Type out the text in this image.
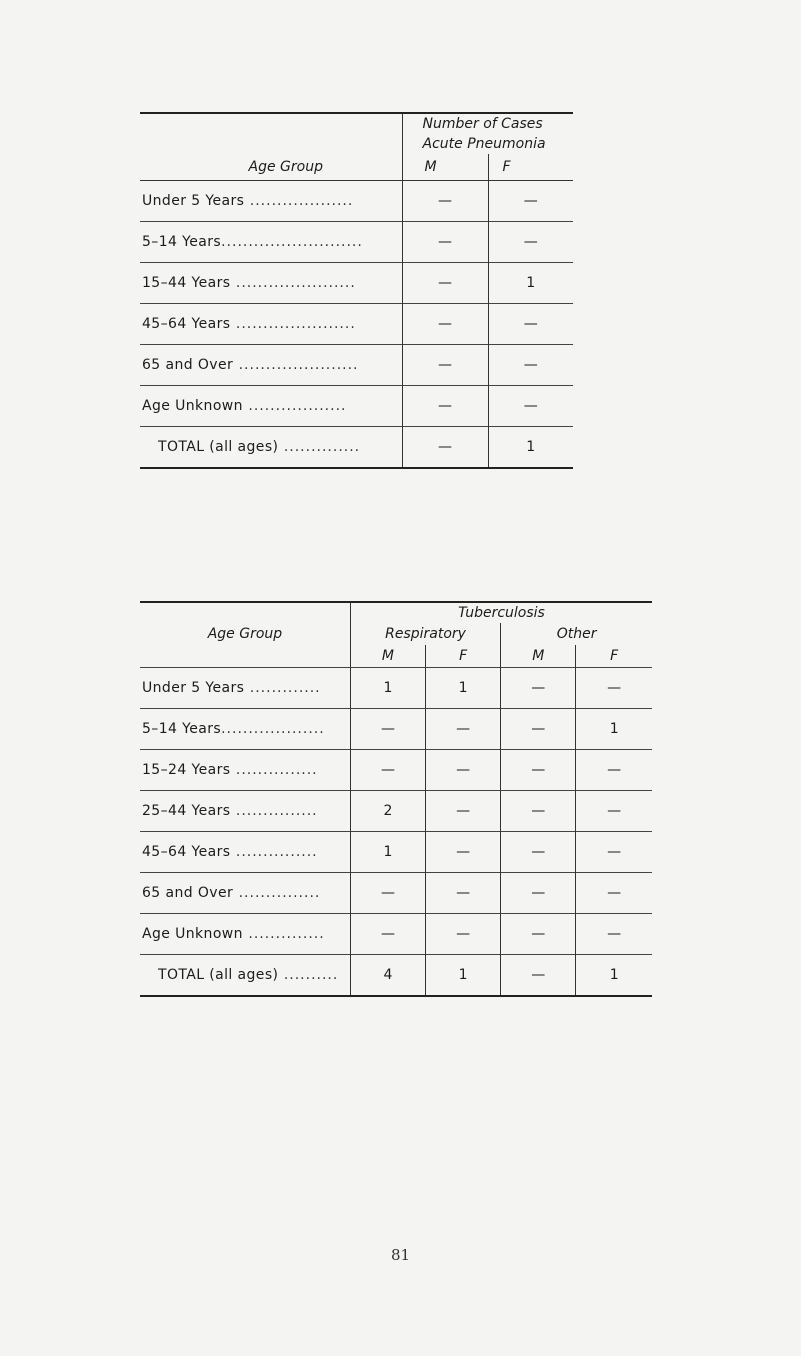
	Number of Cases	
	Acute Pneumonia	
Age Group	M	F
Under 5 Years ...................	—	—
5–14 Years..........................	—	—
15–44 Years ......................	—	1
45–64 Years ......................	—	—
65 and Over ......................	—	—
Age Unknown ..................	—	—
TOTAL (all ages) ..............	—	1
	Tuberculosis			
Age Group	Respiratory		Other	
	M	F	M	F
Under 5 Years .............	1	1	—	—
5–14 Years...................	—	—	—	1
15–24 Years ...............	—	—	—	—
25–44 Years ...............	2	—	—	—
45–64 Years ...............	1	—	—	—
65 and Over ...............	—	—	—	—
Age Unknown ..............	—	—	—	—
TOTAL (all ages) ..........	4	1	—	1
81
